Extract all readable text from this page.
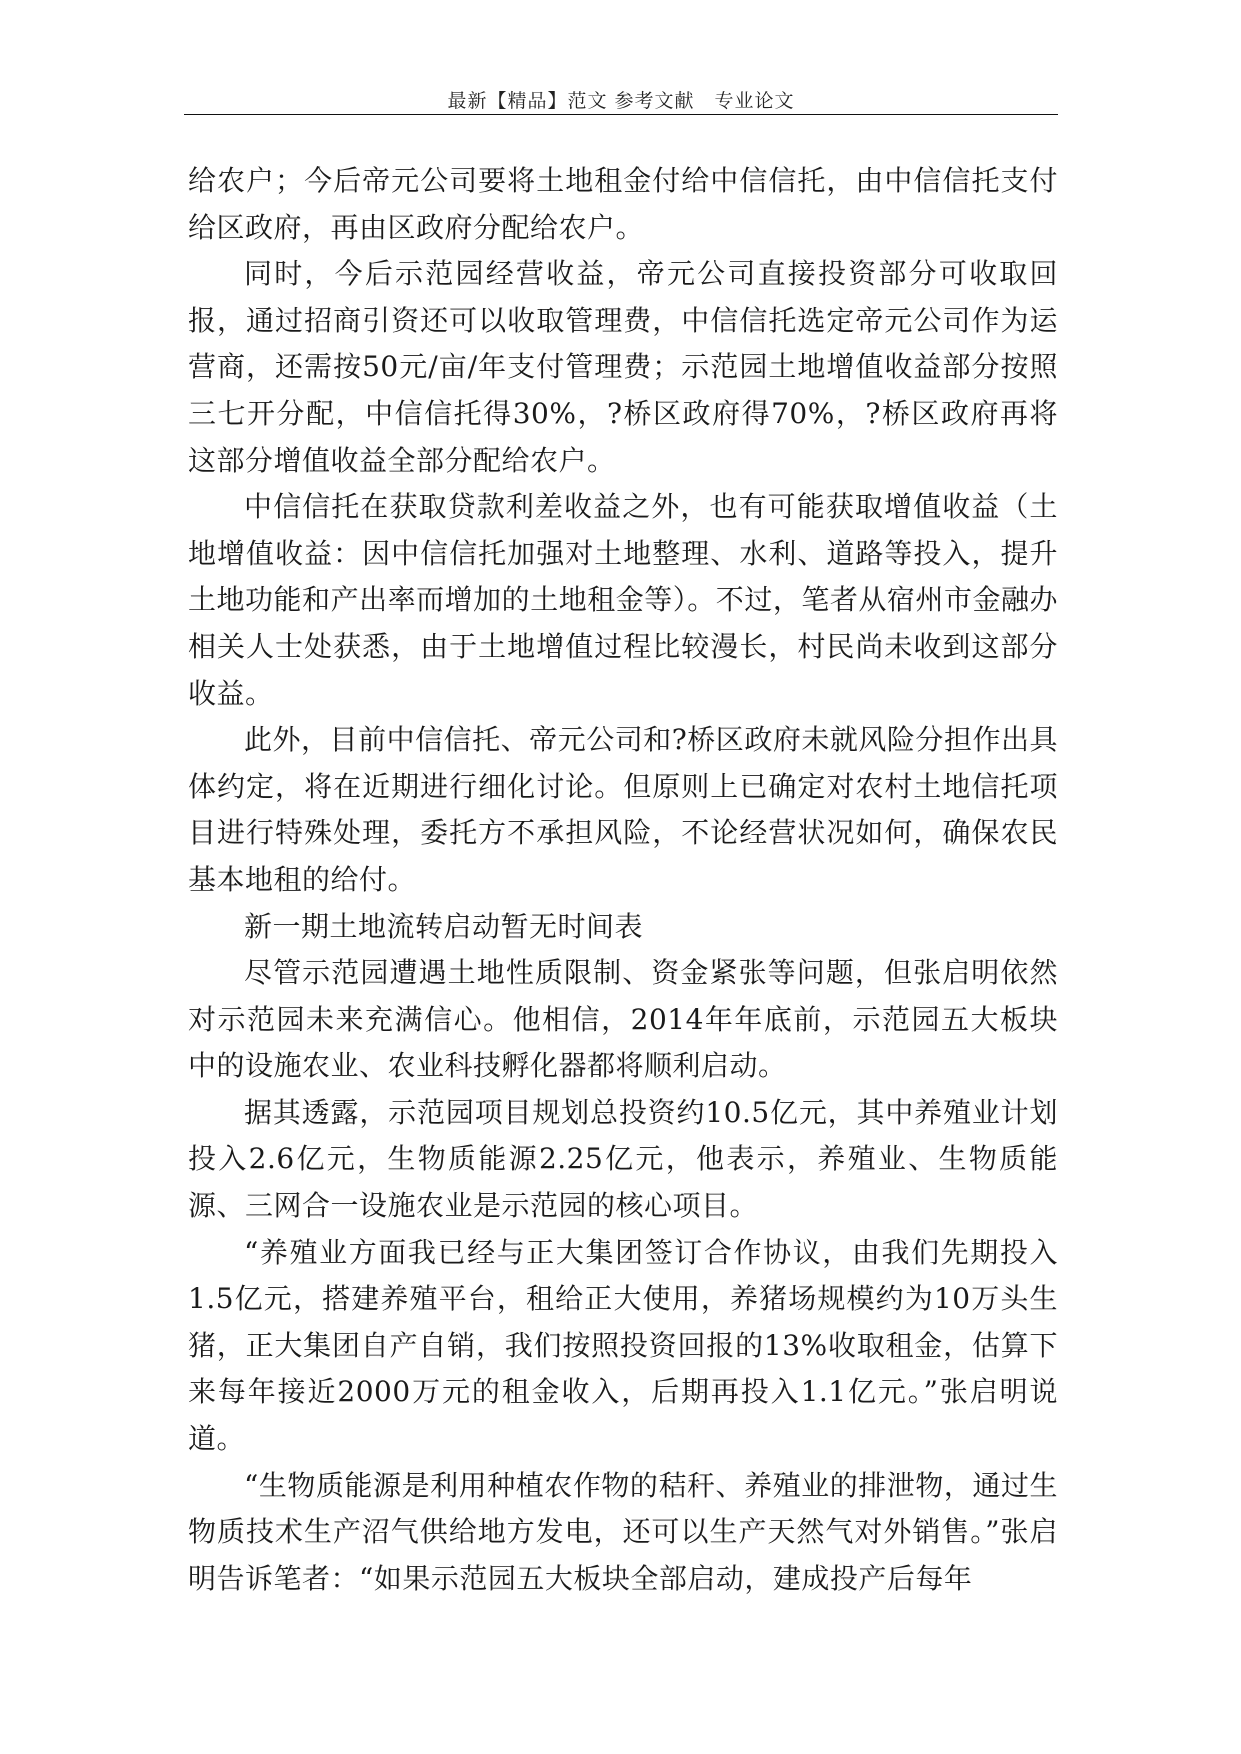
最新【精品】范文 参考文献　专业论文

给农户；今后帝元公司要将土地租金付给中信信托，由中信信托支付给区政府，再由区政府分配给农户。

同时，今后示范园经营收益，帝元公司直接投资部分可收取回报，通过招商引资还可以收取管理费，中信信托选定帝元公司作为运营商，还需按50元/亩/年支付管理费；示范园土地增值收益部分按照三七开分配，中信信托得30%，?桥区政府得70%，?桥区政府再将这部分增值收益全部分配给农户。

中信信托在获取贷款利差收益之外，也有可能获取增值收益（土地增值收益：因中信信托加强对土地整理、水利、道路等投入，提升土地功能和产出率而增加的土地租金等）。不过，笔者从宿州市金融办相关人士处获悉，由于土地增值过程比较漫长，村民尚未收到这部分收益。

此外，目前中信信托、帝元公司和?桥区政府未就风险分担作出具体约定，将在近期进行细化讨论。但原则上已确定对农村土地信托项目进行特殊处理，委托方不承担风险，不论经营状况如何，确保农民基本地租的给付。

新一期土地流转启动暂无时间表

尽管示范园遭遇土地性质限制、资金紧张等问题，但张启明依然对示范园未来充满信心。他相信，2014年年底前，示范园五大板块中的设施农业、农业科技孵化器都将顺利启动。

据其透露，示范园项目规划总投资约10.5亿元，其中养殖业计划投入2.6亿元，生物质能源2.25亿元，他表示，养殖业、生物质能源、三网合一设施农业是示范园的核心项目。

“养殖业方面我已经与正大集团签订合作协议，由我们先期投入1.5亿元，搭建养殖平台，租给正大使用，养猪场规模约为10万头生猪，正大集团自产自销，我们按照投资回报的13%收取租金，估算下来每年接近2000万元的租金收入，后期再投入1.1亿元。”张启明说道。

“生物质能源是利用种植农作物的秸秆、养殖业的排泄物，通过生物质技术生产沼气供给地方发电，还可以生产天然气对外销售。”张启明告诉笔者：“如果示范园五大板块全部启动，建成投产后每年
